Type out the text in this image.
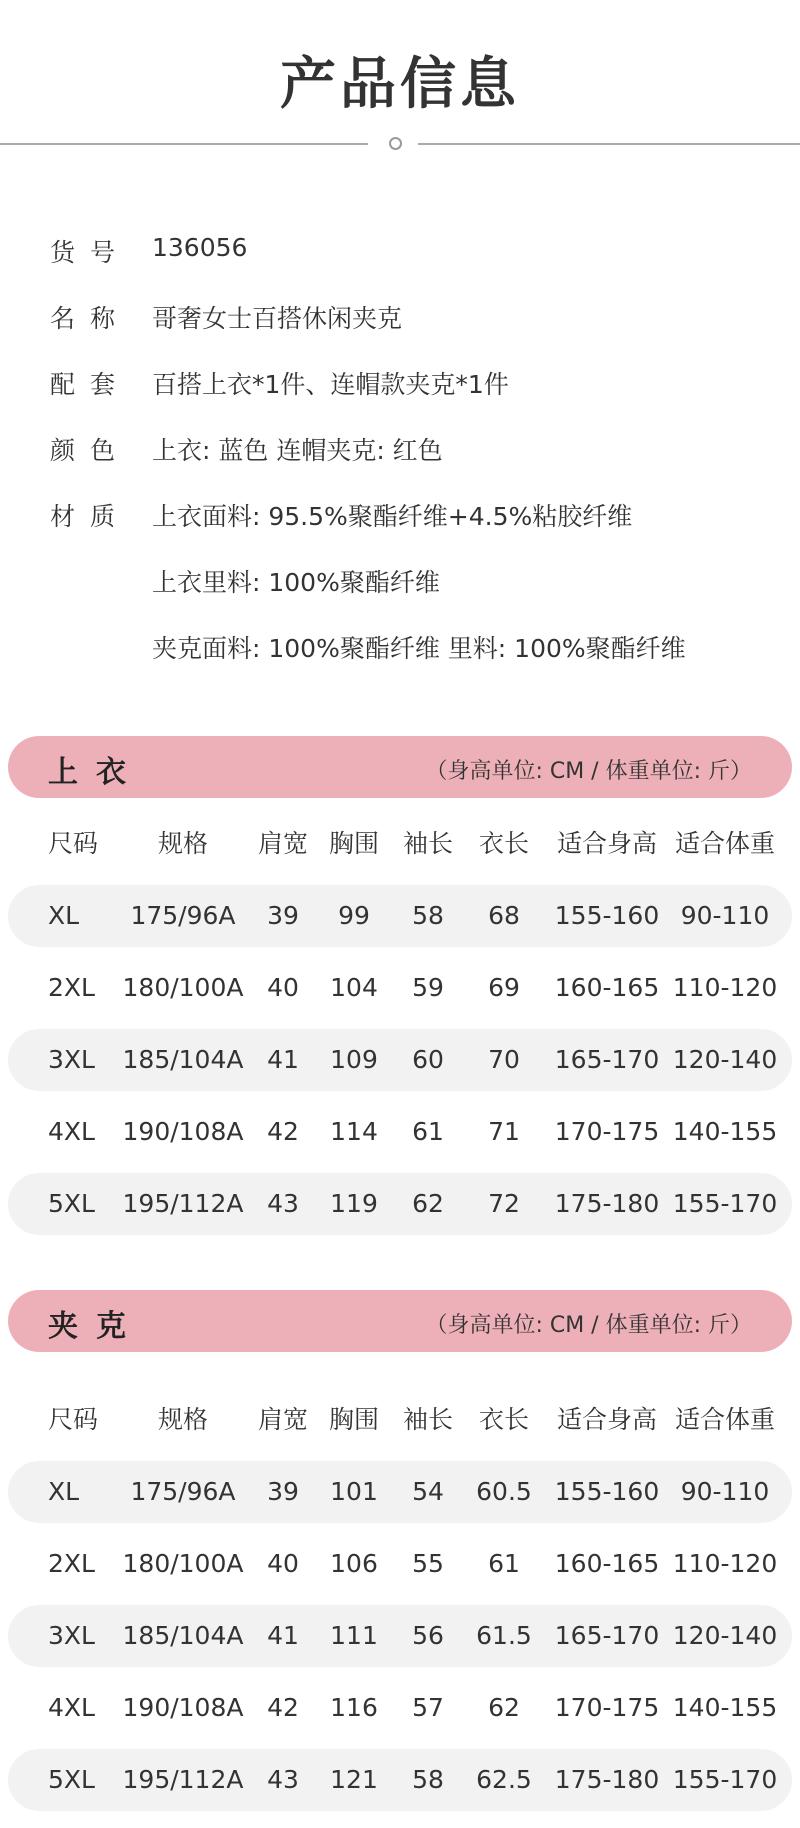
产品信息
货 号	136056
名 称	哥奢女士百搭休闲夹克
配 套	百搭上衣*1件、连帽款夹克*1件
颜 色	上衣: 蓝色 连帽夹克: 红色
材 质	上衣面料: 95.5%聚酯纤维+4.5%粘胶纤维
上衣里料: 100%聚酯纤维
夹克面料: 100%聚酯纤维 里料: 100%聚酯纤维
上衣	（身高单位: CM / 体重单位: 斤）
尺码	规格	肩宽 胸围 袖长	衣长	适合身高 适合体重
XL	175/96A	39	99	58	68	155-160 90-110
2XL	180/100A 40	104	59	69	160-165 110-120
3XL	185/104A 41	109	60	70	165-170 120-140
4XL	190/108A 42	114	61	71	170-175 140-155
5XL	195/112A 43	119	62	72	175-180 155-170
夹克	（身高单位: CM / 体重单位: 斤）
尺码	规格	肩宽 胸围 袖长	衣长	适合身高 适合体重
XL	175/96A	39	101	54	60.5 155-160 90-110
2XL	180/100A 40	106	55	61	160-165 110-120
3XL	185/104A 41	111	56	61.5 165-170 120-140
4XL	190/108A 42	116	57	62	170-175 140-155
5XL	195/112A 43	121	58	62.5 175-180 155-170
